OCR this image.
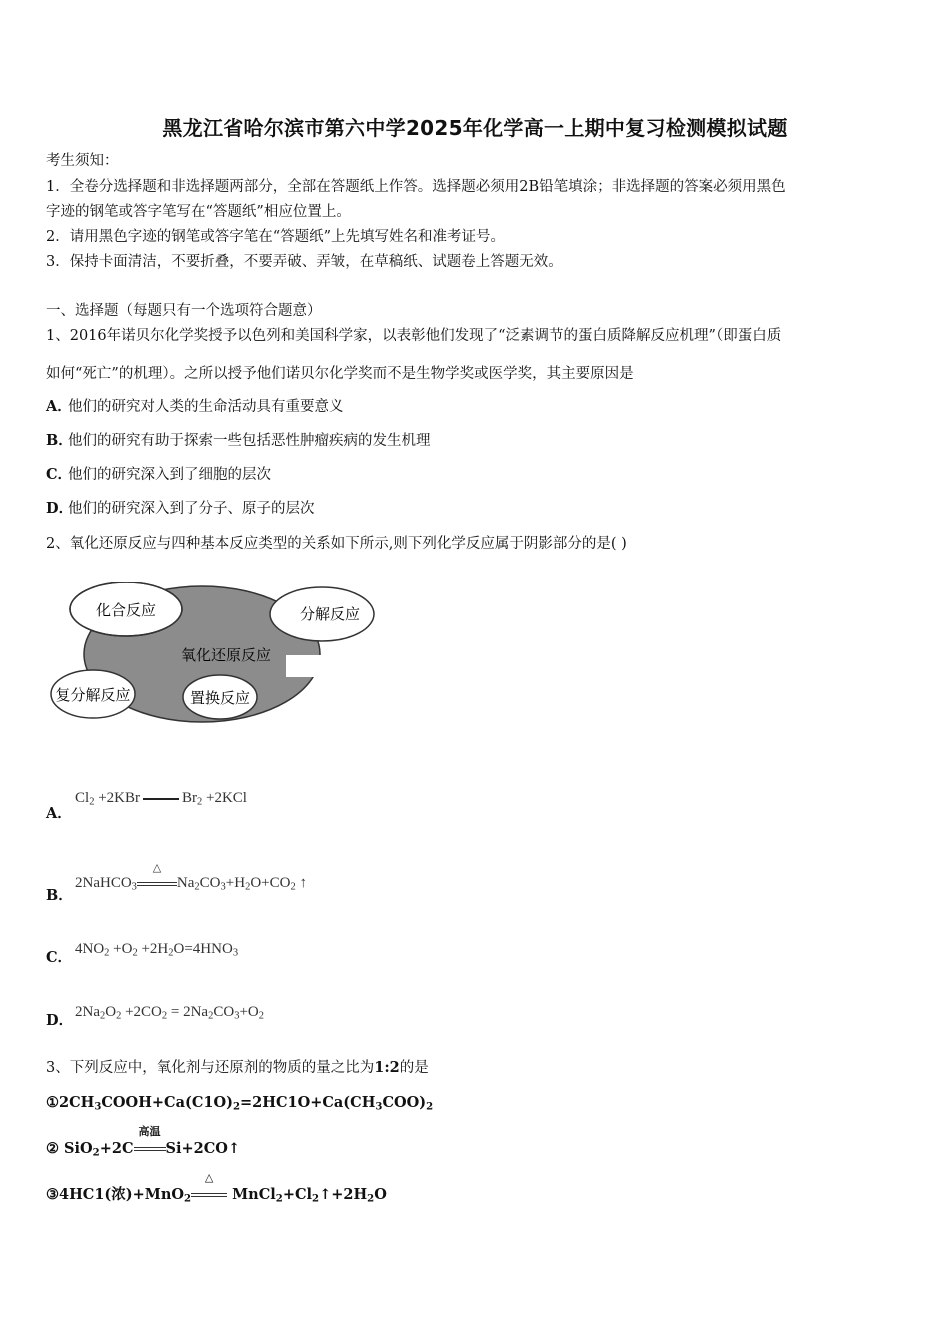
黑龙江省哈尔滨市第六中学2025年化学高一上期中复习检测模拟试题
考生须知：
1．全卷分选择题和非选择题两部分，全部在答题纸上作答。选择题必须用2B铅笔填涂；非选择题的答案必须用黑色
字迹的钢笔或答字笔写在“答题纸”相应位置上。
2．请用黑色字迹的钢笔或答字笔在“答题纸”上先填写姓名和准考证号。
3．保持卡面清洁，不要折叠，不要弄破、弄皱，在草稿纸、试题卷上答题无效。
一、选择题（每题只有一个选项符合题意）
1、2016年诺贝尔化学奖授予以色列和美国科学家，以表彰他们发现了“泛素调节的蛋白质降解反应机理”（即蛋白质
如何“死亡”的机理）。之所以授予他们诺贝尔化学奖而不是生物学奖或医学奖，其主要原因是
A．他们的研究对人类的生命活动具有重要意义
B．他们的研究有助于探索一些包括恶性肿瘤疾病的发生机理
C．他们的研究深入到了细胞的层次
D．他们的研究深入到了分子、原子的层次
2、氧化还原反应与四种基本反应类型的关系如下所示,则下列化学反应属于阴影部分的是( )
化合反应	分解反应
氧化还原反应
复分解反应	置换反应
A．
$Cl_2 +2KBr$	$Br_2 +2KCl$
B．
2NaHCO$_3$
△
$Na_2CO_3+H_2O+CO_2$ ↑
C． $4NO_2 +O_2 +2H_2O=4HNO_3$
D． $2Na_2O_2 +2CO_2 = 2Na_2CO_3+O_2$
3、下列反应中，氧化剂与还原剂的物质的量之比为1:2的是
$①2CH_3COOH+Ca(C1O)_2=2HC1O+Ca(CH_3COO)_2$
② SiO$_2$+2C
高温
Si+2CO↑
③4HC1(浓)+MnO$_2$
△
$MnCl_2+Cl_2↑+2H_2O$
